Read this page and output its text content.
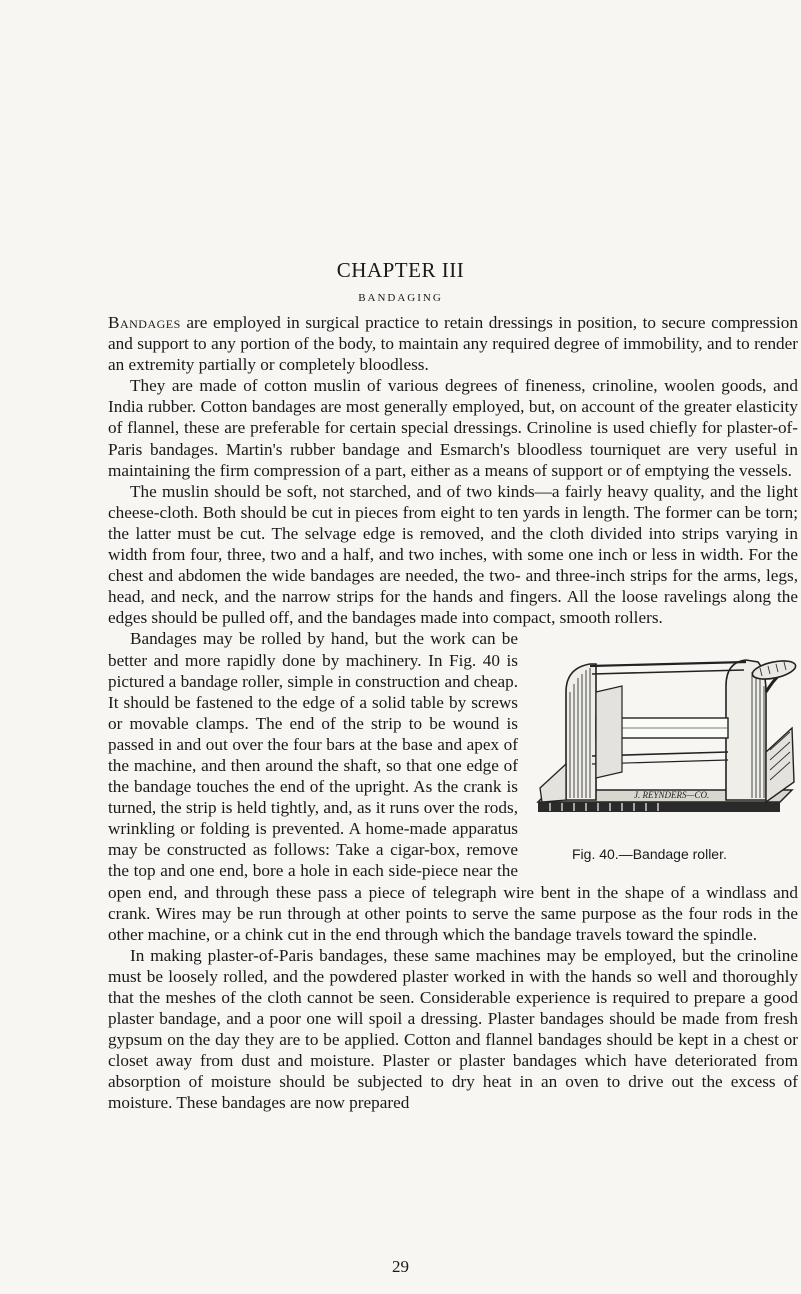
CHAPTER III
BANDAGING

Bandages are employed in surgical practice to retain dressings in position, to secure compression and support to any portion of the body, to maintain any required degree of immobility, and to render an extremity partially or completely bloodless.

They are made of cotton muslin of various degrees of fineness, crinoline, woolen goods, and India rubber. Cotton bandages are most generally employed, but, on account of the greater elasticity of flannel, these are preferable for certain special dressings. Crinoline is used chiefly for plaster-of-Paris bandages. Martin's rubber bandage and Esmarch's bloodless tourniquet are very useful in maintaining the firm compression of a part, either as a means of support or of emptying the vessels.

The muslin should be soft, not starched, and of two kinds—a fairly heavy quality, and the light cheese-cloth. Both should be cut in pieces from eight to ten yards in length. The former can be torn; the latter must be cut. The selvage edge is removed, and the cloth divided into strips varying in width from four, three, two and a half, and two inches, with some one inch or less in width. For the chest and abdomen the wide bandages are needed, the two- and three-inch strips for the arms, legs, head, and neck, and the narrow strips for the hands and fingers. All the loose ravelings along the edges should be pulled off, and the bandages made into compact, smooth rollers.

J. REYNDERS—CO.
Fig. 40.—Bandage roller.
Bandages may be rolled by hand, but the work can be better and more rapidly done by machinery. In Fig. 40 is pictured a bandage roller, simple in construction and cheap. It should be fastened to the edge of a solid table by screws or movable clamps. The end of the strip to be wound is passed in and out over the four bars at the base and apex of the machine, and then around the shaft, so that one edge of the bandage touches the end of the upright. As the crank is turned, the strip is held tightly, and, as it runs over the rods, wrinkling or folding is prevented. A home-made apparatus may be constructed as follows: Take a cigar-box, remove the top and one end, bore a hole in each side-piece near the open end, and through these pass a piece of telegraph wire bent in the shape of a windlass and crank. Wires may be run through at other points to serve the same purpose as the four rods in the other machine, or a chink cut in the end through which the bandage travels toward the spindle.

In making plaster-of-Paris bandages, these same machines may be employed, but the crinoline must be loosely rolled, and the powdered plaster worked in with the hands so well and thoroughly that the meshes of the cloth cannot be seen. Considerable experience is required to prepare a good plaster bandage, and a poor one will spoil a dressing. Plaster bandages should be made from fresh gypsum on the day they are to be applied. Cotton and flannel bandages should be kept in a chest or closet away from dust and moisture. Plaster or plaster bandages which have deteriorated from absorption of moisture should be subjected to dry heat in an oven to drive out the excess of moisture. These bandages are now prepared

29
